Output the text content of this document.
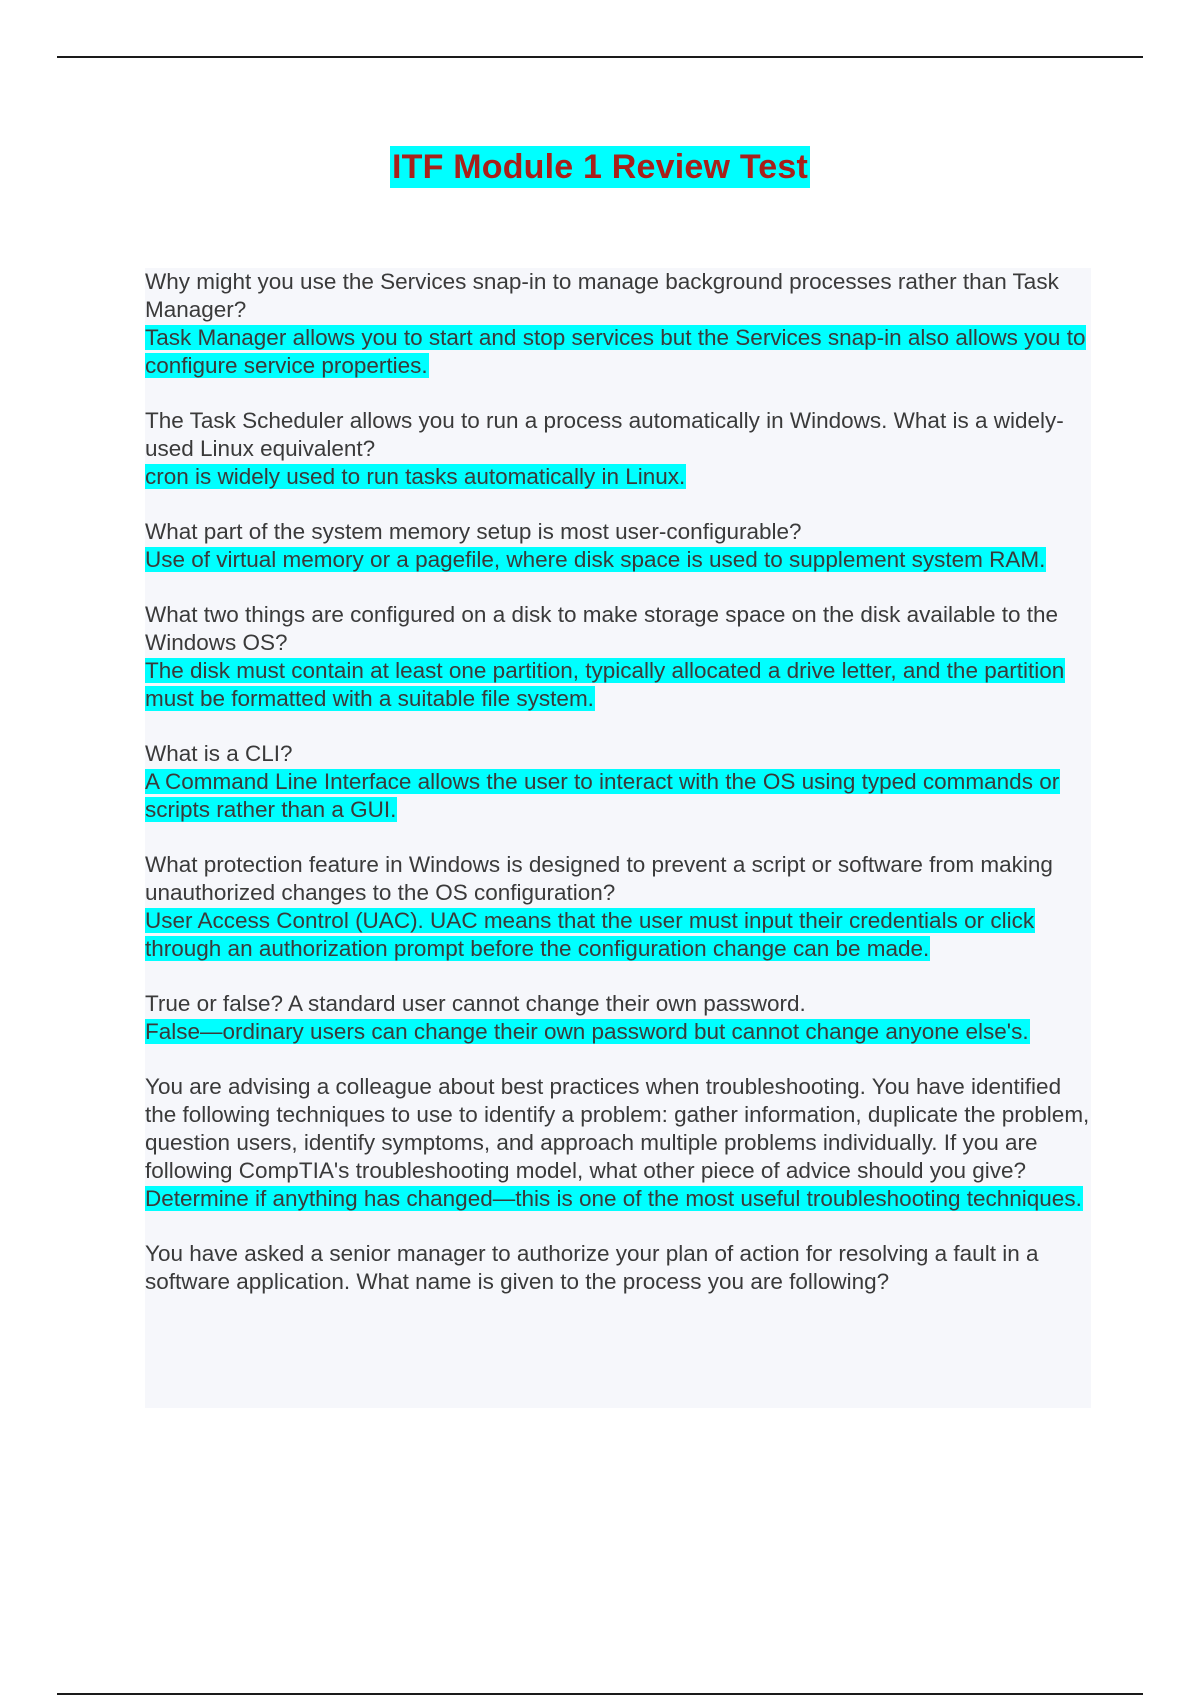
ITF Module 1 Review Test
Why might you use the Services snap-in to manage background processes rather than Task Manager?
Task Manager allows you to start and stop services but the Services snap-in also allows you to configure service properties.
The Task Scheduler allows you to run a process automatically in Windows. What is a widely-used Linux equivalent?
cron is widely used to run tasks automatically in Linux.
What part of the system memory setup is most user-configurable?
Use of virtual memory or a pagefile, where disk space is used to supplement system RAM.
What two things are configured on a disk to make storage space on the disk available to the Windows OS?
The disk must contain at least one partition, typically allocated a drive letter, and the partition must be formatted with a suitable file system.
What is a CLI?
A Command Line Interface allows the user to interact with the OS using typed commands or scripts rather than a GUI.
What protection feature in Windows is designed to prevent a script or software from making unauthorized changes to the OS configuration?
User Access Control (UAC). UAC means that the user must input their credentials or click through an authorization prompt before the configuration change can be made.
True or false? A standard user cannot change their own password.
False—ordinary users can change their own password but cannot change anyone else's.
You are advising a colleague about best practices when troubleshooting. You have identified the following techniques to use to identify a problem: gather information, duplicate the problem, question users, identify symptoms, and approach multiple problems individually. If you are following CompTIA's troubleshooting model, what other piece of advice should you give?
Determine if anything has changed—this is one of the most useful troubleshooting techniques.
You have asked a senior manager to authorize your plan of action for resolving a fault in a software application. What name is given to the process you are following?
